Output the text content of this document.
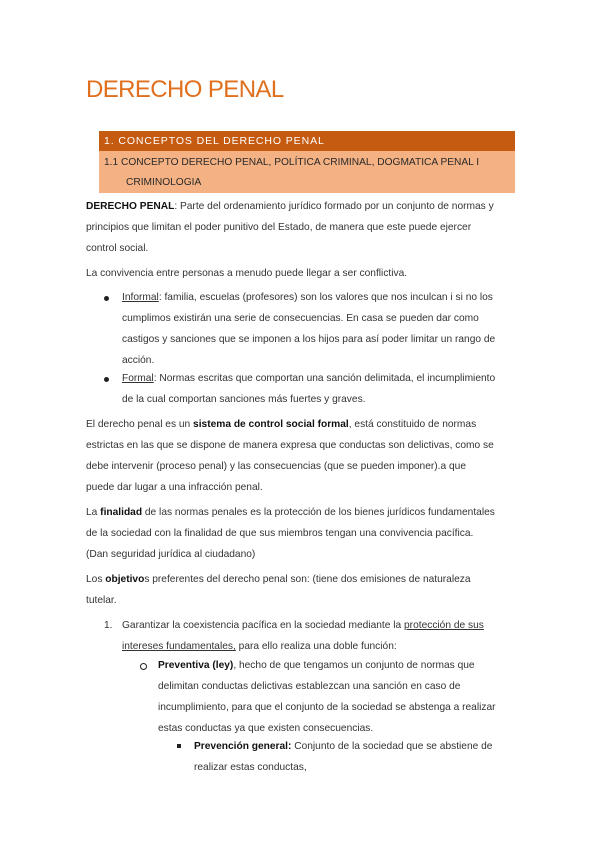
DERECHO PENAL
1. CONCEPTOS DEL DERECHO PENAL
1.1 CONCEPTO DERECHO PENAL, POLÍTICA CRIMINAL, DOGMATICA PENAL I
CRIMINOLOGIA
DERECHO PENAL: Parte del ordenamiento jurídico formado por un conjunto de normas y
principios que limitan el poder punitivo del Estado, de manera que este puede ejercer
control social.
La convivencia entre personas a menudo puede llegar a ser conflictiva.
Informal: familia, escuelas (profesores) son los valores que nos inculcan i si no los
cumplimos existirán una serie de consecuencias. En casa se pueden dar como
castigos y sanciones que se imponen a los hijos para así poder limitar un rango de
acción.
Formal: Normas escritas que comportan una sanción delimitada, el incumplimiento
de la cual comportan sanciones más fuertes y graves.
El derecho penal es un sistema de control social formal, está constituido de normas
estrictas en las que se dispone de manera expresa que conductas son delictivas, como se
debe intervenir (proceso penal) y las consecuencias (que se pueden imponer).a que
puede dar lugar a una infracción penal.
La finalidad de las normas penales es la protección de los bienes jurídicos fundamentales
de la sociedad con la finalidad de que sus miembros tengan una convivencia pacífica.
(Dan seguridad jurídica al ciudadano)
Los objetivos preferentes del derecho penal son: (tiene dos emisiones de naturaleza
tutelar.
1. Garantizar la coexistencia pacífica en la sociedad mediante la protección de sus
intereses fundamentales, para ello realiza una doble función:
Preventiva (ley), hecho de que tengamos un conjunto de normas que
delimitan conductas delictivas establezcan una sanción en caso de
incumplimiento, para que el conjunto de la sociedad se abstenga a realizar
estas conductas ya que existen consecuencias.
Prevención general: Conjunto de la sociedad que se abstiene de
realizar estas conductas,
